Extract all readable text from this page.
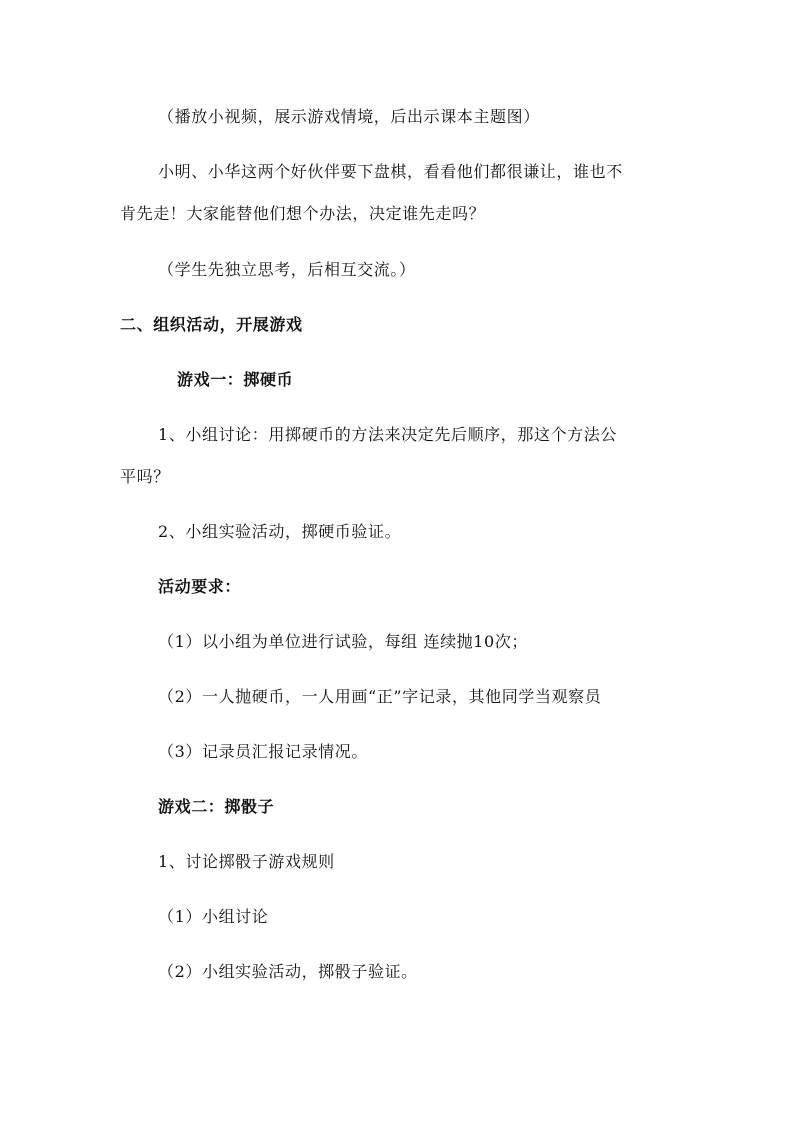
（播放小视频，展示游戏情境，后出示课本主题图）

小明、小华这两个好伙伴要下盘棋，看看他们都很谦让，谁也不

肯先走！大家能替他们想个办法，决定谁先走吗？

（学生先独立思考，后相互交流。）

二、组织活动，开展游戏

游戏一：掷硬币

1、小组讨论：用掷硬币的方法来决定先后顺序，那这个方法公

平吗？

2、小组实验活动，掷硬币验证。

活动要求：

（1）以小组为单位进行试验，每组 连续抛10次；

（2）一人抛硬币，一人用画“正”字记录，其他同学当观察员

（3）记录员汇报记录情况。

游戏二：掷骰子

1、讨论掷骰子游戏规则

（1）小组讨论

（2）小组实验活动，掷骰子验证。
